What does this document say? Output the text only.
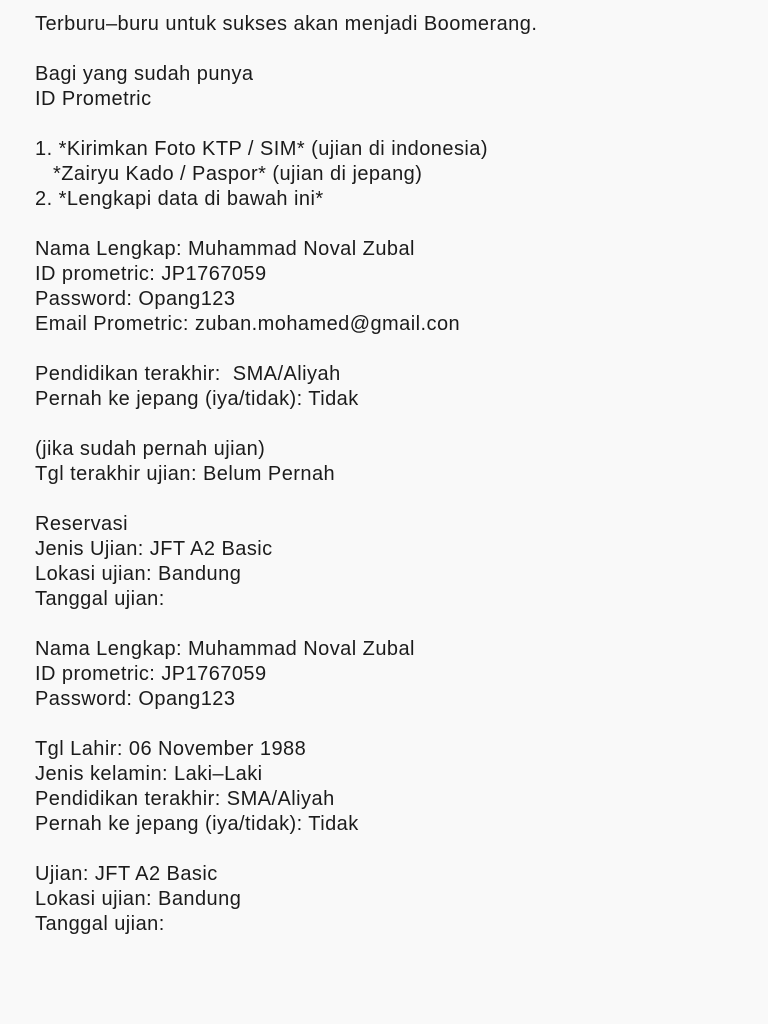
Terburu–buru untuk sukses akan menjadi Boomerang.
Bagi yang sudah punya
ID Prometric
1. *Kirimkan Foto KTP / SIM* (ujian di indonesia)
*Zairyu Kado / Paspor* (ujian di jepang)
2. *Lengkapi data di bawah ini*
Nama Lengkap: Muhammad Noval Zubal
ID prometric: JP1767059
Password: Opang123
Email Prometric: zuban.mohamed@gmail.con
Pendidikan terakhir:  SMA/Aliyah
Pernah ke jepang (iya/tidak): Tidak
(jika sudah pernah ujian)
Tgl terakhir ujian: Belum Pernah
Reservasi
Jenis Ujian: JFT A2 Basic
Lokasi ujian: Bandung
Tanggal ujian:
Nama Lengkap: Muhammad Noval Zubal
ID prometric: JP1767059
Password: Opang123
Tgl Lahir: 06 November 1988
Jenis kelamin: Laki–Laki
Pendidikan terakhir: SMA/Aliyah
Pernah ke jepang (iya/tidak): Tidak
Ujian: JFT A2 Basic
Lokasi ujian: Bandung
Tanggal ujian:
